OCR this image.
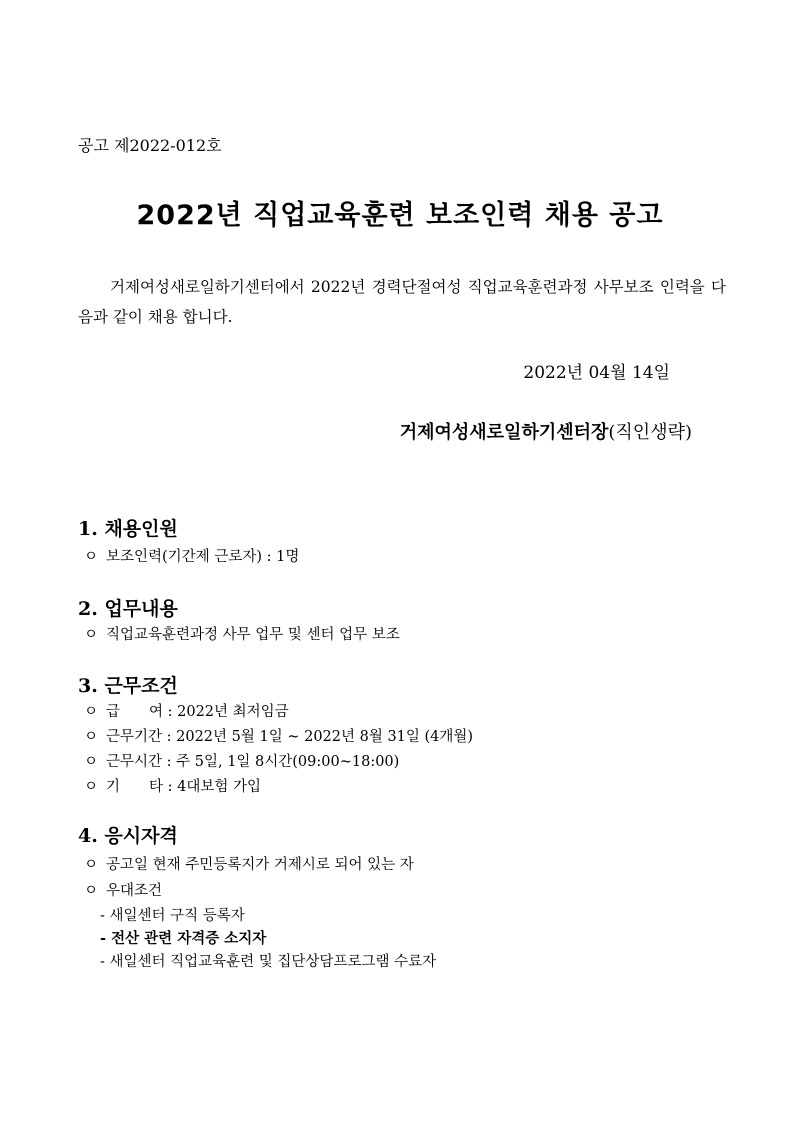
공고 제2022-012호
2022년 직업교육훈련 보조인력 채용 공고
거제여성새로일하기센터에서 2022년 경력단절여성 직업교육훈련과정 사무보조 인력을 다음과 같이 채용 합니다.
2022년 04월 14일
거제여성새로일하기센터장(직인생략)
1. 채용인원
ㅇ 보조인력(기간제 근로자) : 1명
2. 업무내용
ㅇ 직업교육훈련과정 사무 업무 및 센터 업무 보조
3. 근무조건
ㅇ 급　　여 : 2022년 최저임금
ㅇ 근무기간 : 2022년 5월 1일 ~ 2022년 8월 31일 (4개월)
ㅇ 근무시간 : 주 5일, 1일 8시간(09:00~18:00)
ㅇ 기　　타 : 4대보험 가입
4. 응시자격
ㅇ 공고일 현재 주민등록지가 거제시로 되어 있는 자
ㅇ 우대조건
- 새일센터 구직 등록자
- 전산 관련 자격증 소지자
- 새일센터 직업교육훈련 및 집단상담프로그램 수료자
